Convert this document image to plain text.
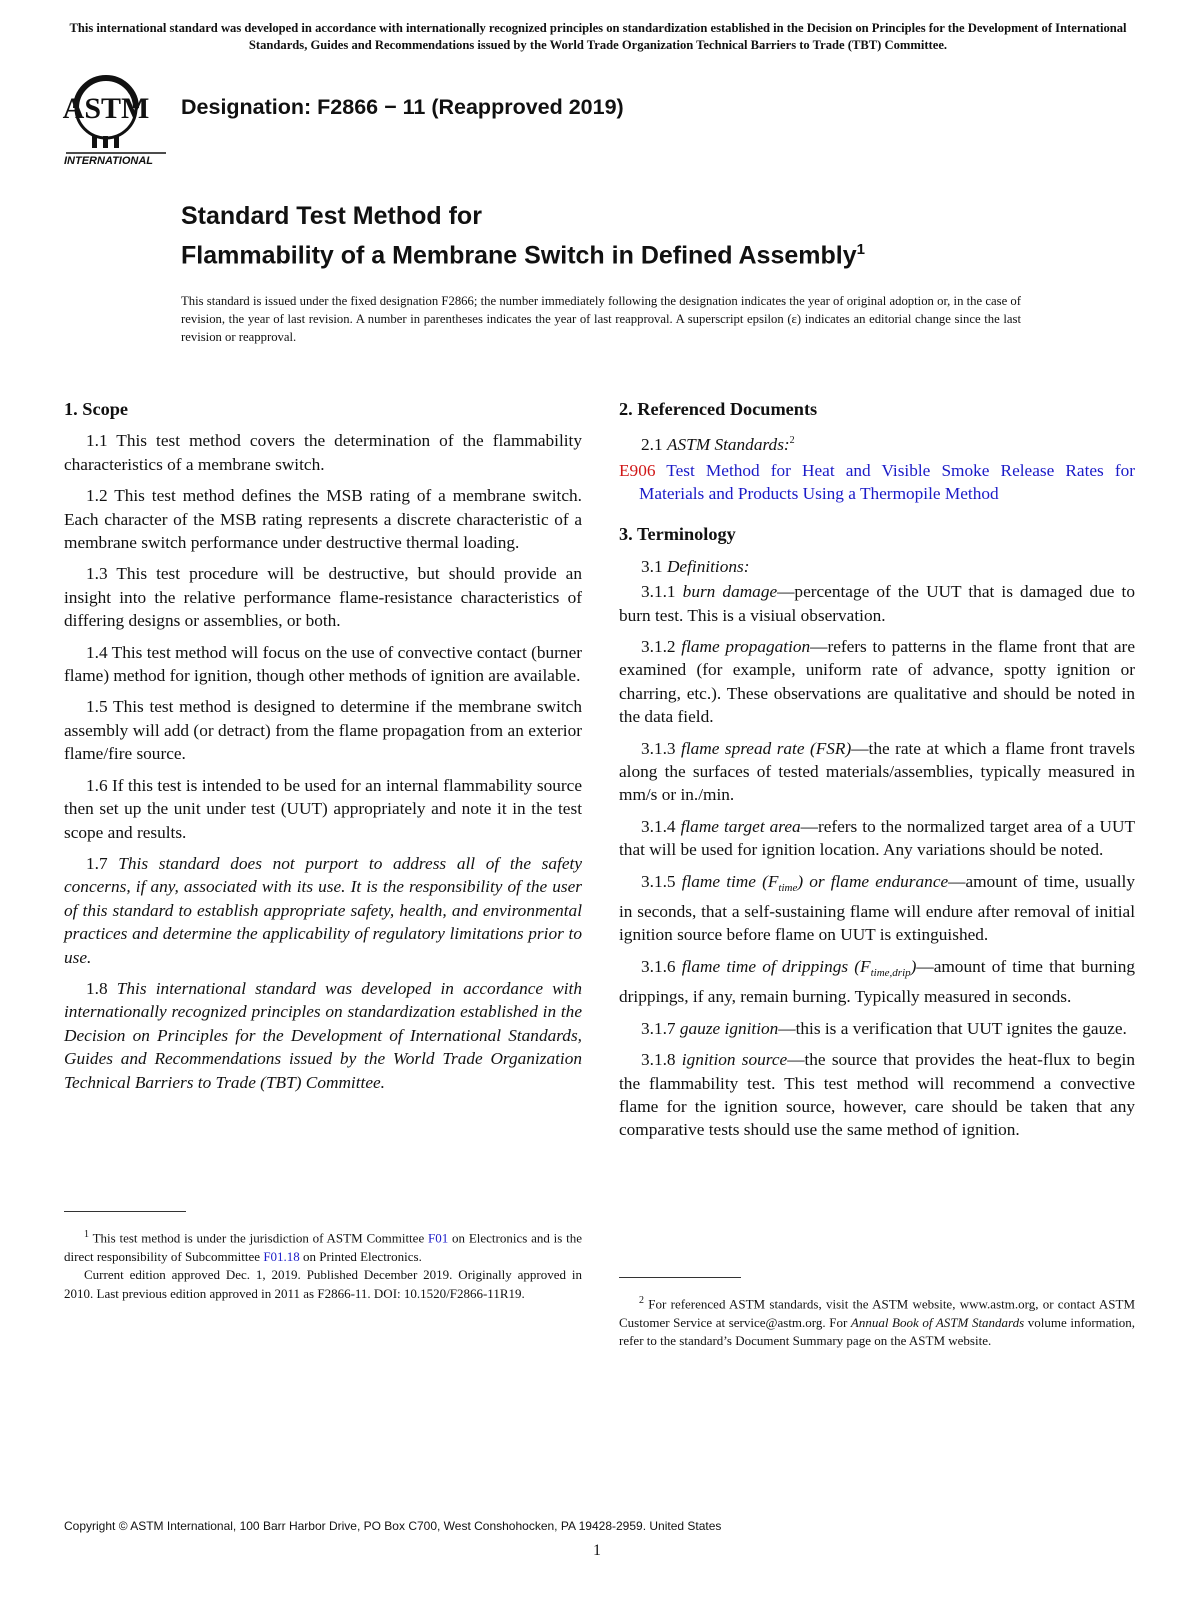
This international standard was developed in accordance with internationally recognized principles on standardization established in the Decision on Principles for the Development of International Standards, Guides and Recommendations issued by the World Trade Organization Technical Barriers to Trade (TBT) Committee.
ASTM
INTERNATIONAL
Designation: F2866 − 11 (Reapproved 2019)
Standard Test Method for
Flammability of a Membrane Switch in Defined Assembly$^1$
This standard is issued under the fixed designation F2866; the number immediately following the designation indicates the year of original adoption or, in the case of revision, the year of last revision. A number in parentheses indicates the year of last reapproval. A superscript epsilon (ε) indicates an editorial change since the last revision or reapproval.
1. Scope

1.1 This test method covers the determination of the flammability characteristics of a membrane switch.

1.2 This test method defines the MSB rating of a membrane switch. Each character of the MSB rating represents a discrete characteristic of a membrane switch performance under destructive thermal loading.

1.3 This test procedure will be destructive, but should provide an insight into the relative performance flame-resistance characteristics of differing designs or assemblies, or both.

1.4 This test method will focus on the use of convective contact (burner flame) method for ignition, though other methods of ignition are available.

1.5 This test method is designed to determine if the membrane switch assembly will add (or detract) from the flame propagation from an exterior flame/fire source.

1.6 If this test is intended to be used for an internal flammability source then set up the unit under test (UUT) appropriately and note it in the test scope and results.

1.7 This standard does not purport to address all of the safety concerns, if any, associated with its use. It is the responsibility of the user of this standard to establish appropriate safety, health, and environmental practices and determine the applicability of regulatory limitations prior to use.

1.8 This international standard was developed in accordance with internationally recognized principles on standardization established in the Decision on Principles for the Development of International Standards, Guides and Recommendations issued by the World Trade Organization Technical Barriers to Trade (TBT) Committee.

$^1$ This test method is under the jurisdiction of ASTM Committee F01 on Electronics and is the direct responsibility of Subcommittee F01.18 on Printed Electronics.

Current edition approved Dec. 1, 2019. Published December 2019. Originally approved in 2010. Last previous edition approved in 2011 as F2866-11. DOI: 10.1520/F2866-11R19.

2. Referenced Documents

2.1 ASTM Standards:$^2$

E906 Test Method for Heat and Visible Smoke Release Rates for Materials and Products Using a Thermopile Method

3. Terminology

3.1 Definitions:

3.1.1 burn damage—percentage of the UUT that is damaged due to burn test. This is a visiual observation.

3.1.2 flame propagation—refers to patterns in the flame front that are examined (for example, uniform rate of advance, spotty ignition or charring, etc.). These observations are qualitative and should be noted in the data field.

3.1.3 flame spread rate (FSR)—the rate at which a flame front travels along the surfaces of tested materials/assemblies, typically measured in mm/s or in./min.

3.1.4 flame target area—refers to the normalized target area of a UUT that will be used for ignition location. Any variations should be noted.

3.1.5 flame time $(F_{time})$ or flame endurance—amount of time, usually in seconds, that a self-sustaining flame will endure after removal of initial ignition source before flame on UUT is extinguished.

3.1.6 flame time of drippings $(F_{time,drip})—amount$ of time that burning drippings, if any, remain burning. Typically measured in seconds.

3.1.7 gauze ignition—this is a verification that UUT ignites the gauze.

3.1.8 ignition source—the source that provides the heat-flux to begin the flammability test. This test method will recommend a convective flame for the ignition source, however, care should be taken that any comparative tests should use the same method of ignition.

$^2$ For referenced ASTM standards, visit the ASTM website, www.astm.org, or contact ASTM Customer Service at service@astm.org. For Annual Book of ASTM Standards volume information, refer to the standard’s Document Summary page on the ASTM website.

Copyright © ASTM International, 100 Barr Harbor Drive, PO Box C700, West Conshohocken, PA 19428-2959. United States
1
